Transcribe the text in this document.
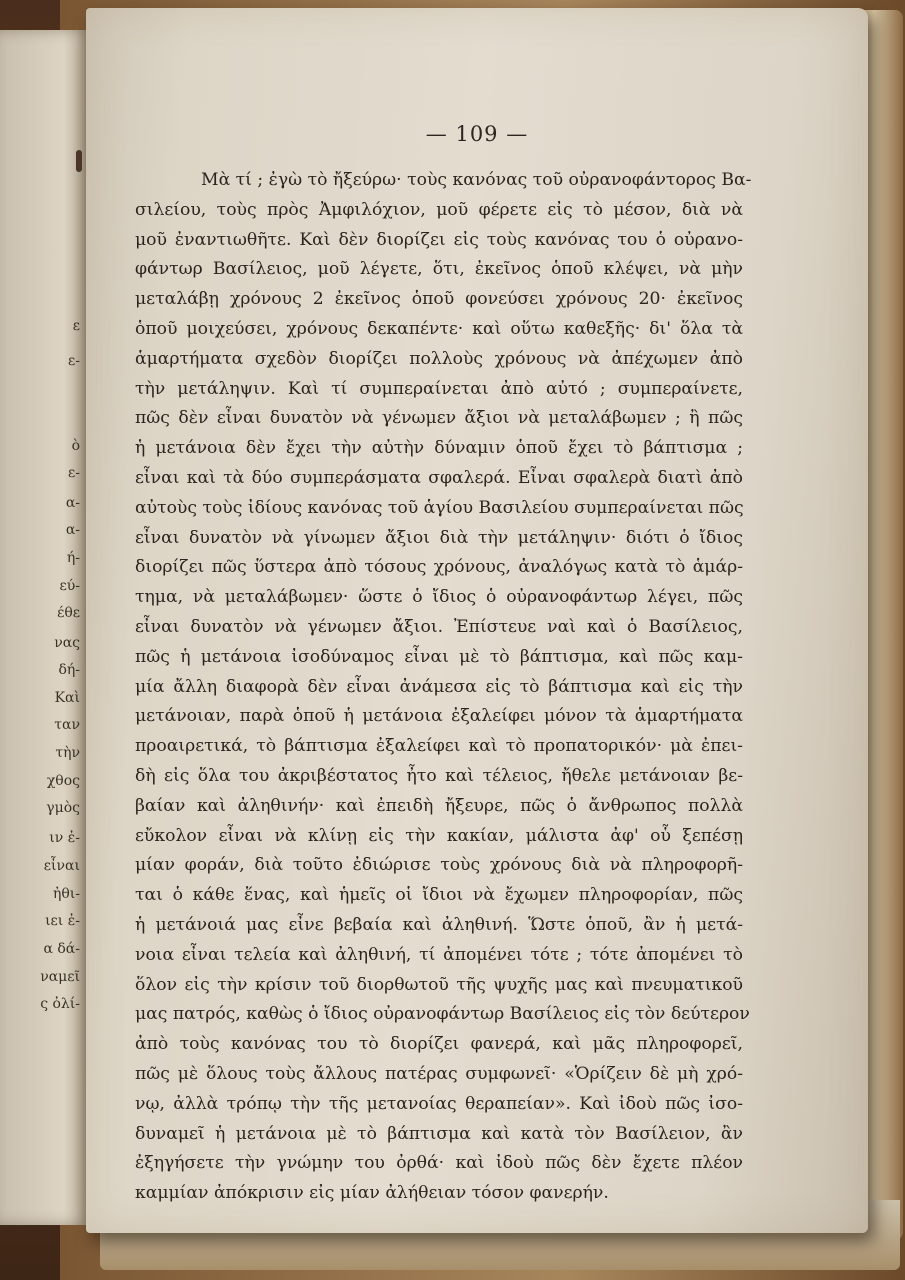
ε
ε-
ὸ
ε-
α-
α-
ή-
εύ-
έθε
νας
δή-
Καὶ
ταν
τὴν
χθος
γμὸς
ιν ἐ-
εἶναι
ἠθι-
ιει ἐ-
α δά-
ναμεῖ
ς ὀλί-
— 109 —
Μὰ τί ; ἐγὼ τὸ ἤξεύρω· τοὺς κανόνας τοῦ οὐρανοφάντορος Βα-
σιλείου, τοὺς πρὸς Ἀμφιλόχιον, μοῦ φέρετε εἰς τὸ μέσον, διὰ νὰ
μοῦ ἐναντιωθῆτε. Καὶ δὲν διορίζει εἰς τοὺς κανόνας του ὁ οὐρανο-
φάντωρ Βασίλειος, μοῦ λέγετε, ὅτι, ἐκεῖνος ὁποῦ κλέψει, νὰ μὴν
μεταλάβῃ χρόνους 2 ἐκεῖνος ὁποῦ φονεύσει χρόνους 20· ἐκεῖνος
ὁποῦ μοιχεύσει, χρόνους δεκαπέντε· καὶ οὕτω καθεξῆς· δι' ὅλα τὰ
ἁμαρτήματα σχεδὸν διορίζει πολλοὺς χρόνους νὰ ἀπέχωμεν ἀπὸ
τὴν μετάληψιν. Καὶ τί συμπεραίνεται ἀπὸ αὐτό ; συμπεραίνετε,
πῶς δὲν εἶναι δυνατὸν νὰ γένωμεν ἄξιοι νὰ μεταλάβωμεν ; ἢ πῶς
ἡ μετάνοια δὲν ἔχει τὴν αὐτὴν δύναμιν ὁποῦ ἔχει τὸ βάπτισμα ;
εἶναι καὶ τὰ δύο συμπεράσματα σφαλερά. Εἶναι σφαλερὰ διατὶ ἀπὸ
αὐτοὺς τοὺς ἰδίους κανόνας τοῦ ἁγίου Βασιλείου συμπεραίνεται πῶς
εἶναι δυνατὸν νὰ γίνωμεν ἄξιοι διὰ τὴν μετάληψιν· διότι ὁ ἴδιος
διορίζει πῶς ὕστερα ἀπὸ τόσους χρόνους, ἀναλόγως κατὰ τὸ ἁμάρ-
τημα, νὰ μεταλάβωμεν· ὥστε ὁ ἴδιος ὁ οὐρανοφάντωρ λέγει, πῶς
εἶναι δυνατὸν νὰ γένωμεν ἄξιοι. Ἐπίστευε ναὶ καὶ ὁ Βασίλειος,
πῶς ἡ μετάνοια ἰσοδύναμος εἶναι μὲ τὸ βάπτισμα, καὶ πῶς καμ-
μία ἄλλη διαφορὰ δὲν εἶναι ἀνάμεσα εἰς τὸ βάπτισμα καὶ εἰς τὴν
μετάνοιαν, παρὰ ὁποῦ ἡ μετάνοια ἐξαλείφει μόνον τὰ ἁμαρτήματα
προαιρετικά, τὸ βάπτισμα ἐξαλείφει καὶ τὸ προπατορικόν· μὰ ἐπει-
δὴ εἰς ὅλα του ἀκριβέστατος ἦτο καὶ τέλειος, ἤθελε μετάνοιαν βε-
βαίαν καὶ ἀληθινήν· καὶ ἐπειδὴ ἤξευρε, πῶς ὁ ἄνθρωπος πολλὰ
εὔκολον εἶναι νὰ κλίνῃ εἰς τὴν κακίαν, μάλιστα ἀφ' οὗ ξεπέσῃ
μίαν φοράν, διὰ τοῦτο ἐδιώρισε τοὺς χρόνους διὰ νὰ πληροφορῆ-
ται ὁ κάθε ἕνας, καὶ ἡμεῖς οἱ ἴδιοι νὰ ἔχωμεν πληροφορίαν, πῶς
ἡ μετάνοιά μας εἶνε βεβαία καὶ ἀληθινή. Ὥστε ὁποῦ, ἂν ἡ μετά-
νοια εἶναι τελεία καὶ ἀληθινή, τί ἀπομένει τότε ; τότε ἀπομένει τὸ
ὅλον εἰς τὴν κρίσιν τοῦ διορθωτοῦ τῆς ψυχῆς μας καὶ πνευματικοῦ
μας πατρός, καθὼς ὁ ἴδιος οὐρανοφάντωρ Βασίλειος εἰς τὸν δεύτερον
ἀπὸ τοὺς κανόνας του τὸ διορίζει φανερά, καὶ μᾶς πληροφορεῖ,
πῶς μὲ ὅλους τοὺς ἄλλους πατέρας συμφωνεῖ· «Ὁρίζειν δὲ μὴ χρό-
νῳ, ἀλλὰ τρόπῳ τὴν τῆς μετανοίας θεραπείαν». Καὶ ἰδοὺ πῶς ἰσο-
δυναμεῖ ἡ μετάνοια μὲ τὸ βάπτισμα καὶ κατὰ τὸν Βασίλειον, ἂν
ἐξηγήσετε τὴν γνώμην του ὀρθά· καὶ ἰδοὺ πῶς δὲν ἔχετε πλέον
καμμίαν ἀπόκρισιν εἰς μίαν ἀλήθειαν τόσον φανερήν.
